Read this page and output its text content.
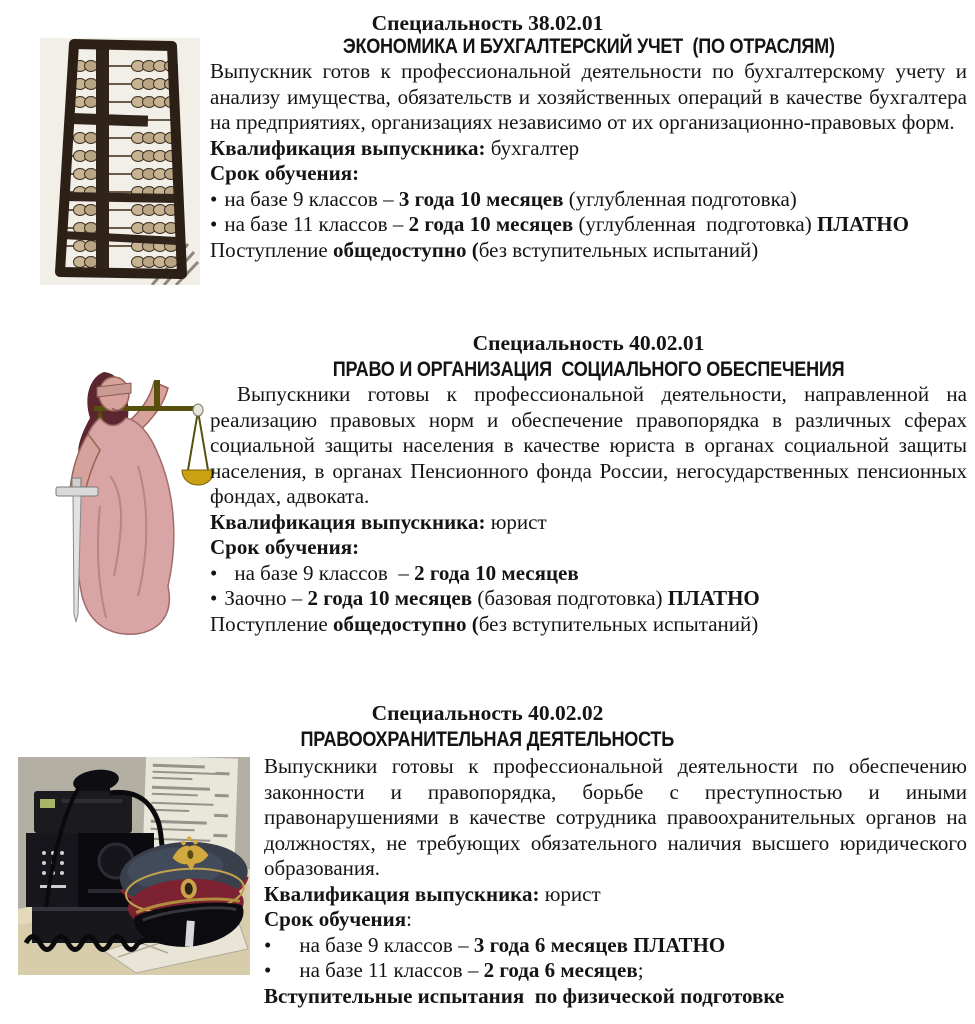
Специальность 38.02.01
ЭКОНОМИКА И БУХГАЛТЕРСКИЙ УЧЕТ  (ПО ОТРАСЛЯМ)

Выпускник готов к профессиональной деятельности по бухгалтерскому учету и анализу имущества, обязательств и хозяйственных операций в качестве бухгалтера на предприятиях, организациях независимо от их организационно-правовых форм.

Квалификация выпускника: бухгалтер
Срок обучения:
• на базе 9 классов – 3 года 10 месяцев (углубленная подготовка)
• на базе 11 классов – 2 года 10 месяцев (углубленная  подготовка) ПЛАТНО
Поступление общедоступно (без вступительных испытаний)
Специальность 40.02.01
ПРАВО И ОРГАНИЗАЦИЯ  СОЦИАЛЬНОГО ОБЕСПЕЧЕНИЯ

Выпускники готовы к профессиональной деятельности, направленной на реализацию правовых норм и обеспечение правопорядка в различных сферах социальной защиты населения в качестве юриста в органах социальной защиты населения, в органах Пенсионного фонда России, негосударственных пенсионных фондах, адвоката.

Квалификация выпускника: юрист
Срок обучения:
• на базе 9 классов  – 2 года 10 месяцев
• Заочно – 2 года 10 месяцев (базовая подготовка) ПЛАТНО
Поступление общедоступно (без вступительных испытаний)
Специальность 40.02.02
ПРАВООХРАНИТЕЛЬНАЯ ДЕЯТЕЛЬНОСТЬ

Выпускники готовы к профессиональной деятельности по обеспечению законности и правопорядка, борьбе с преступностью и иными правонарушениями в качестве сотрудника правоохранительных органов на должностях, не требующих обязательного наличия высшего юридического образования.

Квалификация выпускника: юрист
Срок обучения:
• на базе 9 классов – 3 года 6 месяцев ПЛАТНО
• на базе 11 классов – 2 года 6 месяцев;
Вступительные испытания  по физической подготовке
